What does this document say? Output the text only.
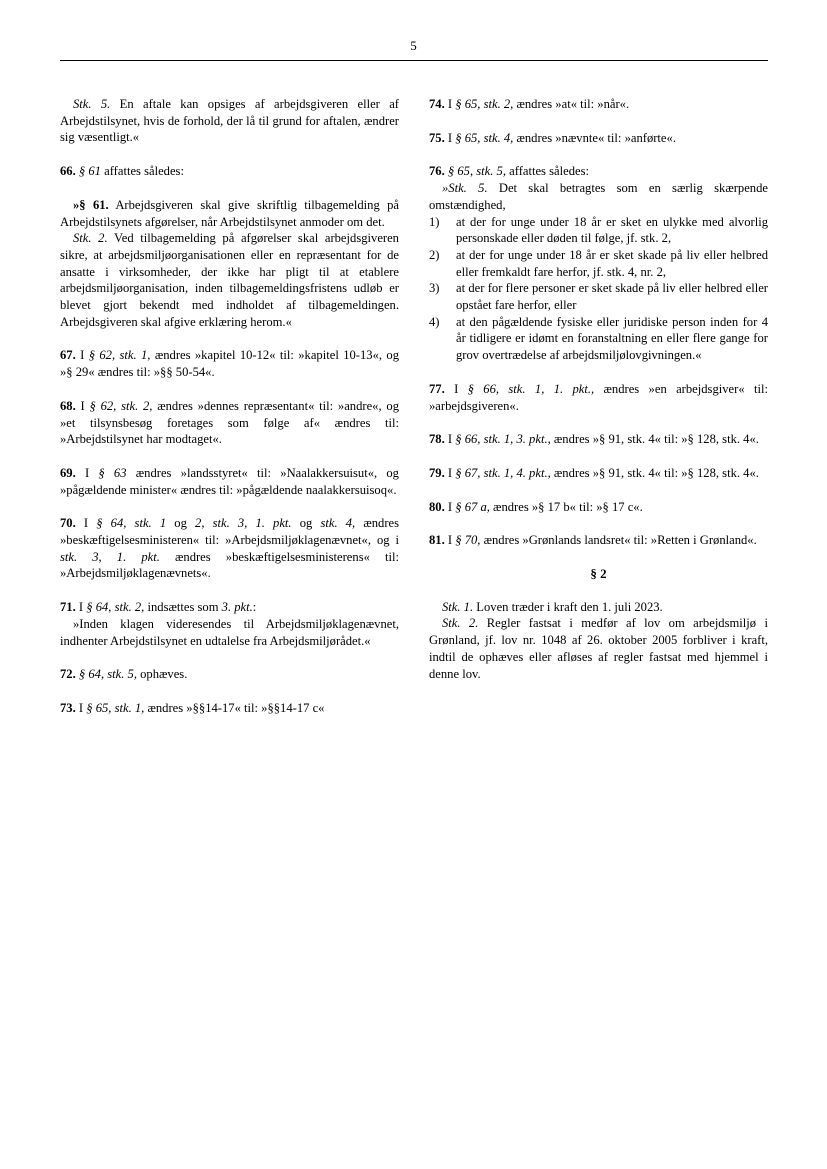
5

Stk. 5. En aftale kan opsiges af arbejdsgiveren eller af Arbejdstilsynet, hvis de forhold, der lå til grund for aftalen, ændrer sig væsentligt.«

66. § 61 affattes således:

»§ 61. Arbejdsgiveren skal give skriftlig tilbagemelding på Arbejdstilsynets afgørelser, når Arbejdstilsynet anmoder om det.

Stk. 2. Ved tilbagemelding på afgørelser skal arbejdsgiveren sikre, at arbejdsmiljøorganisationen eller en repræsentant for de ansatte i virksomheder, der ikke har pligt til at etablere arbejdsmiljøorganisation, inden tilbagemeldingsfristens udløb er blevet gjort bekendt med indholdet af tilbagemeldingen. Arbejdsgiveren skal afgive erklæring herom.«

67. I § 62, stk. 1, ændres »kapitel 10-12« til: »kapitel 10-13«, og »§ 29« ændres til: »§§ 50-54«.

68. I § 62, stk. 2, ændres »dennes repræsentant« til: »andre«, og »et tilsynsbesøg foretages som følge af« ændres til: »Arbejdstilsynet har modtaget«.

69. I § 63 ændres »landsstyret« til: »Naalakkersuisut«, og »pågældende minister« ændres til: »pågældende naalakkersuisoq«.

70. I § 64, stk. 1 og 2, stk. 3, 1. pkt. og stk. 4, ændres »beskæftigelsesministeren« til: »Arbejdsmiljøklagenævnet«, og i stk. 3, 1. pkt. ændres »beskæftigelsesministerens« til: »Arbejdsmiljøklagenævnets«.

71. I § 64, stk. 2, indsættes som 3. pkt.:

»Inden klagen videresendes til Arbejdsmiljøklagenævnet, indhenter Arbejdstilsynet en udtalelse fra Arbejdsmiljørådet.«

72. § 64, stk. 5, ophæves.

73. I § 65, stk. 1, ændres »§§14-17« til: »§§14-17 c«

74. I § 65, stk. 2, ændres »at« til: »når«.

75. I § 65, stk. 4, ændres »nævnte« til: »anførte«.

76. § 65, stk. 5, affattes således:

»Stk. 5. Det skal betragtes som en særlig skærpende omstændighed,

1) at der for unge under 18 år er sket en ulykke med alvorlig personskade eller døden til følge, jf. stk. 2,
2) at der for unge under 18 år er sket skade på liv eller helbred eller fremkaldt fare herfor, jf. stk. 4, nr. 2,
3) at der for flere personer er sket skade på liv eller helbred eller opstået fare herfor, eller
4) at den pågældende fysiske eller juridiske person inden for 4 år tidligere er idømt en foranstaltning en eller flere gange for grov overtrædelse af arbejdsmiljølovgivningen.«

77. I § 66, stk. 1, 1. pkt., ændres »en arbejdsgiver« til: »arbejdsgiveren«.

78. I § 66, stk. 1, 3. pkt., ændres »§ 91, stk. 4« til: »§ 128, stk. 4«.

79. I § 67, stk. 1, 4. pkt., ændres »§ 91, stk. 4« til: »§ 128, stk. 4«.

80. I § 67 a, ændres »§ 17 b« til: »§ 17 c«.

81. I § 70, ændres »Grønlands landsret« til: »Retten i Grønland«.

§ 2

Stk. 1. Loven træder i kraft den 1. juli 2023.

Stk. 2. Regler fastsat i medfør af lov om arbejdsmiljø i Grønland, jf. lov nr. 1048 af 26. oktober 2005 forbliver i kraft, indtil de ophæves eller afløses af regler fastsat med hjemmel i denne lov.
